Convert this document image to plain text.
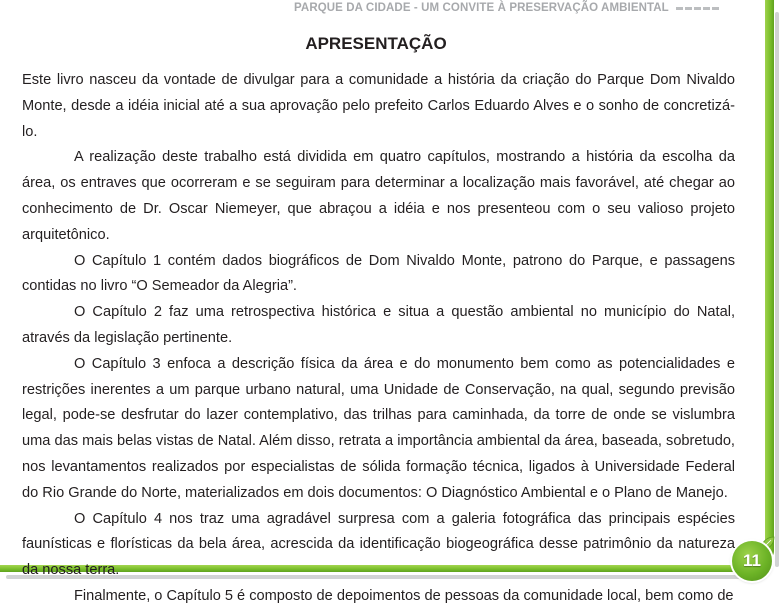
PARQUE DA CIDADE - UM CONVITE À PRESERVAÇÃO AMBIENTAL
11
APRESENTAÇÃO

Este livro nasceu da vontade de divulgar para a comunidade a história da criação do Parque Dom Nivaldo Monte, desde a idéia inicial até a sua aprovação pelo prefeito Carlos Eduardo Alves e o sonho de concretizá-lo.

A realização deste trabalho está dividida em quatro capítulos, mostrando a história da escolha da área, os entraves que ocorreram e se seguiram para determinar a localização mais favorável, até chegar ao conhecimento de Dr. Oscar Niemeyer, que abraçou a idéia e nos presenteou com o seu valioso projeto arquitetônico.

O Capítulo 1 contém dados biográficos de Dom Nivaldo Monte, patrono do Parque, e passagens contidas no livro “O Semeador da Alegria”.

O Capítulo 2 faz uma retrospectiva histórica e situa a questão ambiental no município do Natal, através da legislação pertinente.

O Capítulo 3 enfoca a descrição física da área e do monumento bem como as potencialidades e restrições inerentes a um parque urbano natural, uma Unidade de Conservação, na qual, segundo previsão legal, pode-se desfrutar do lazer contemplativo, das trilhas para caminhada, da torre de onde se vislumbra uma das mais belas vistas de Natal. Além disso, retrata a importância ambiental da área, baseada, sobretudo, nos levantamentos realizados por especialistas de sólida formação técnica, ligados à Universidade Federal do Rio Grande do Norte, materializados em dois documentos: O Diagnóstico Ambiental e o Plano de Manejo.

O Capítulo 4 nos traz uma agradável surpresa com a galeria fotográfica das principais espécies faunísticas e florísticas da bela área, acrescida da identificação biogeográfica desse patrimônio da natureza da nossa terra.

Finalmente, o Capítulo 5 é composto de depoimentos de pessoas da comunidade local, bem como de
